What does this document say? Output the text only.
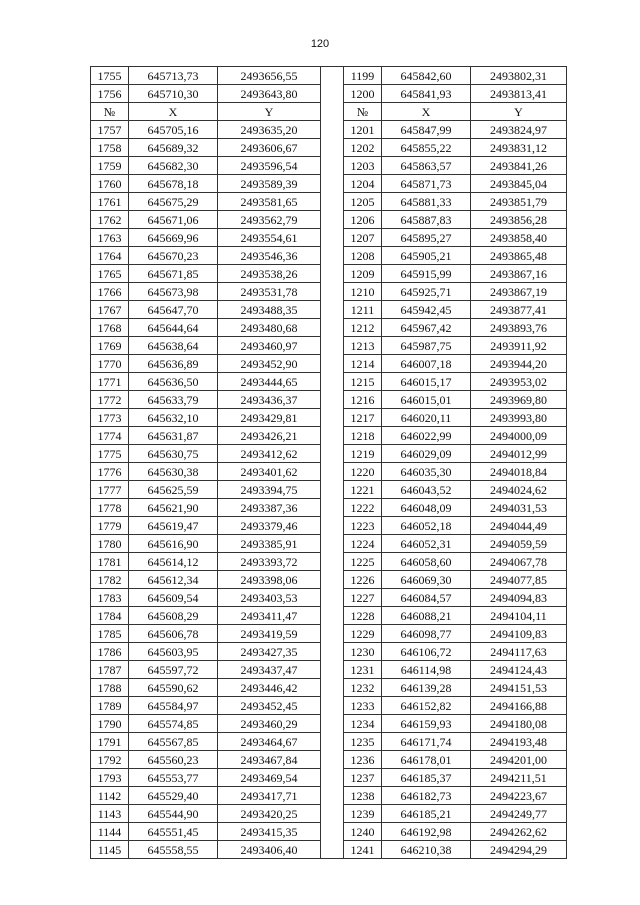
120
1755	645713,73	2493656,55		1199	645842,60	2493802,31
1756	645710,30	2493643,80		1200	645841,93	2493813,41
№	X	Y		№	X	Y
1757	645705,16	2493635,20		1201	645847,99	2493824,97
1758	645689,32	2493606,67		1202	645855,22	2493831,12
1759	645682,30	2493596,54		1203	645863,57	2493841,26
1760	645678,18	2493589,39		1204	645871,73	2493845,04
1761	645675,29	2493581,65		1205	645881,33	2493851,79
1762	645671,06	2493562,79		1206	645887,83	2493856,28
1763	645669,96	2493554,61		1207	645895,27	2493858,40
1764	645670,23	2493546,36		1208	645905,21	2493865,48
1765	645671,85	2493538,26		1209	645915,99	2493867,16
1766	645673,98	2493531,78		1210	645925,71	2493867,19
1767	645647,70	2493488,35		1211	645942,45	2493877,41
1768	645644,64	2493480,68		1212	645967,42	2493893,76
1769	645638,64	2493460,97		1213	645987,75	2493911,92
1770	645636,89	2493452,90		1214	646007,18	2493944,20
1771	645636,50	2493444,65		1215	646015,17	2493953,02
1772	645633,79	2493436,37		1216	646015,01	2493969,80
1773	645632,10	2493429,81		1217	646020,11	2493993,80
1774	645631,87	2493426,21		1218	646022,99	2494000,09
1775	645630,75	2493412,62		1219	646029,09	2494012,99
1776	645630,38	2493401,62		1220	646035,30	2494018,84
1777	645625,59	2493394,75		1221	646043,52	2494024,62
1778	645621,90	2493387,36		1222	646048,09	2494031,53
1779	645619,47	2493379,46		1223	646052,18	2494044,49
1780	645616,90	2493385,91		1224	646052,31	2494059,59
1781	645614,12	2493393,72		1225	646058,60	2494067,78
1782	645612,34	2493398,06		1226	646069,30	2494077,85
1783	645609,54	2493403,53		1227	646084,57	2494094,83
1784	645608,29	2493411,47		1228	646088,21	2494104,11
1785	645606,78	2493419,59		1229	646098,77	2494109,83
1786	645603,95	2493427,35		1230	646106,72	2494117,63
1787	645597,72	2493437,47		1231	646114,98	2494124,43
1788	645590,62	2493446,42		1232	646139,28	2494151,53
1789	645584,97	2493452,45		1233	646152,82	2494166,88
1790	645574,85	2493460,29		1234	646159,93	2494180,08
1791	645567,85	2493464,67		1235	646171,74	2494193,48
1792	645560,23	2493467,84		1236	646178,01	2494201,00
1793	645553,77	2493469,54		1237	646185,37	2494211,51
1142	645529,40	2493417,71		1238	646182,73	2494223,67
1143	645544,90	2493420,25		1239	646185,21	2494249,77
1144	645551,45	2493415,35		1240	646192,98	2494262,62
1145	645558,55	2493406,40		1241	646210,38	2494294,29
